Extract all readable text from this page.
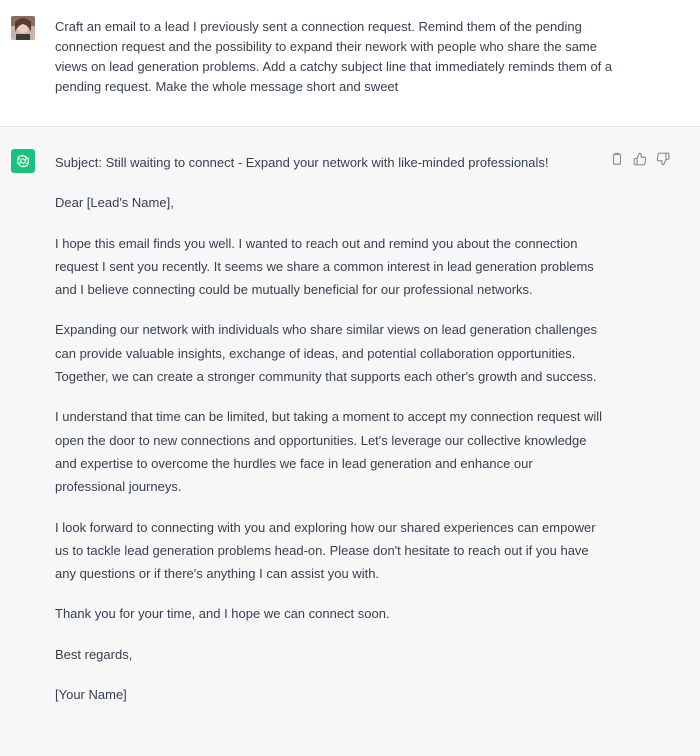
Craft an email to a lead I previously sent a connection request. Remind them of the pending connection request and the possibility to expand their nework with people who share the same views on lead generation problems. Add a catchy subject line that immediately reminds them of a pending request. Make the whole message short and sweet

Subject: Still waiting to connect - Expand your network with like-minded professionals!

Dear [Lead's Name],

I hope this email finds you well. I wanted to reach out and remind you about the connection request I sent you recently. It seems we share a common interest in lead generation problems and I believe connecting could be mutually beneficial for our professional networks.

Expanding our network with individuals who share similar views on lead generation challenges can provide valuable insights, exchange of ideas, and potential collaboration opportunities. Together, we can create a stronger community that supports each other's growth and success.

I understand that time can be limited, but taking a moment to accept my connection request will open the door to new connections and opportunities. Let's leverage our collective knowledge and expertise to overcome the hurdles we face in lead generation and enhance our professional journeys.

I look forward to connecting with you and exploring how our shared experiences can empower us to tackle lead generation problems head-on. Please don't hesitate to reach out if you have any questions or if there's anything I can assist you with.

Thank you for your time, and I hope we can connect soon.

Best regards,

[Your Name]
